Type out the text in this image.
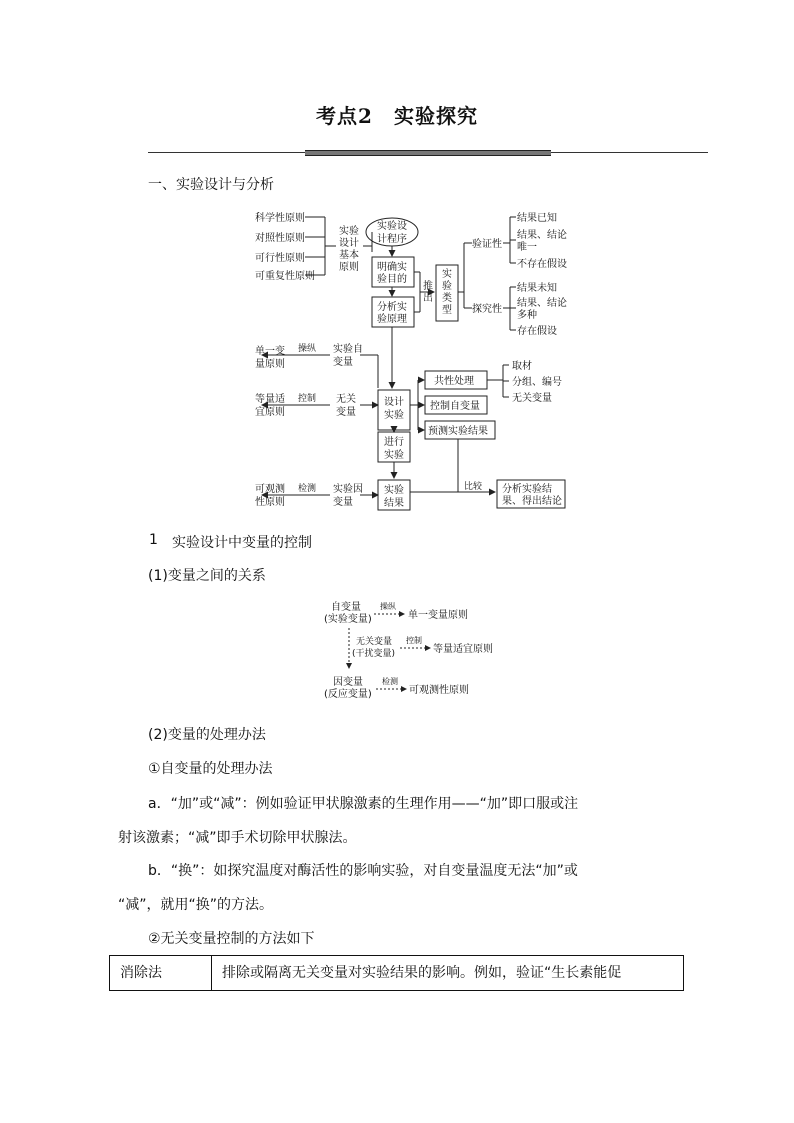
考点2　实验探究
一、实验设计与分析
科学性原则
对照性原则
可行性原则
可重复性原则
实验
设计
基本
原则
实验设
计程序
明确实
验目的
分析实
验原理
推
出
实
验
类
型
验证性
探究性
结果已知
结果、结论
唯一
不存在假设
结果未知
结果、结论
多种
存在假设
单一变
量原则
操纵 实验自
变量
等量适
宜原则
控制 无关
变量
可观测
性原则
检测 实验因
变量
设计
实验
进行
实验
实验
结果
共性处理
控制自变量
预测实验结果
取材
分组、编号
无关变量
比较 分析实验结
果、得出结论
1 实验设计中变量的控制
(1)变量之间的关系
自变量
(实验变量)
操纵
单一变量原则
无关变量
(干扰变量)
控制
等量适宜原则
因变量
(反应变量)
检测
可观测性原则
(2)变量的处理办法
①自变量的处理办法
a．“加”或“减”：例如验证甲状腺激素的生理作用——“加”即口服或注
射该激素；“减”即手术切除甲状腺法。
b．“换”：如探究温度对酶活性的影响实验，对自变量温度无法“加”或
“减”，就用“换”的方法。
②无关变量控制的方法如下
消除法	排除或隔离无关变量对实验结果的影响。例如，验证“生长素能促
